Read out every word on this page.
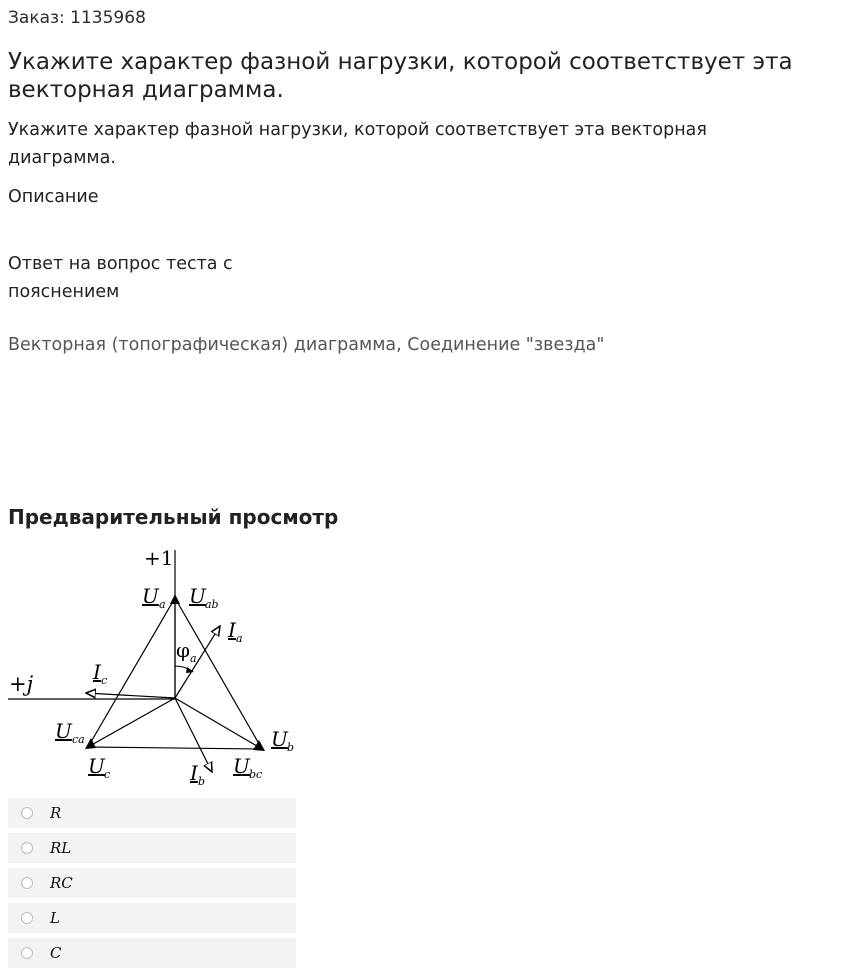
Заказ: 1135968
Укажите характер фазной нагрузки, которой соответствует эта векторная диаграмма.
Укажите характер фазной нагрузки, которой соответствует эта векторная диаграмма.
Описание
Ответ на вопрос теста с пояснением
Векторная (топографическая) диаграмма, Соединение "звезда"
Предварительный просмотр
+1
+j
U a U ab
I a
φ a
I c
U ca	U b
U c	I b
U bc
R
RL
RC
L
C
